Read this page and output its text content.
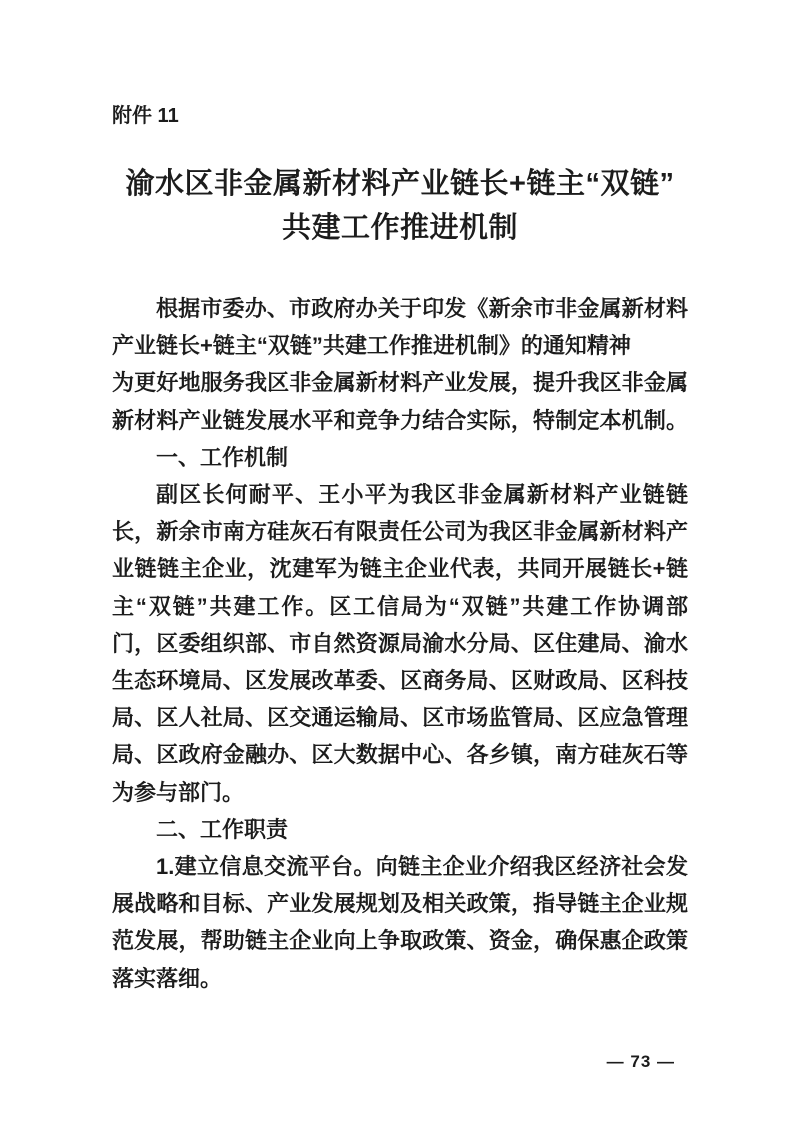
附件 11
渝水区非金属新材料产业链长+链主“双链”
共建工作推进机制
根据市委办、市政府办关于印发《新余市非金属新材料
产业链长+链主“双链”共建工作推进机制》的通知精神
为更好地服务我区非金属新材料产业发展，提升我区非金属
新材料产业链发展水平和竞争力结合实际，特制定本机制。
一、工作机制
副区长何耐平、王小平为我区非金属新材料产业链链
长，新余市南方硅灰石有限责任公司为我区非金属新材料产
业链链主企业，沈建军为链主企业代表，共同开展链长+链
主“双链”共建工作。区工信局为“双链”共建工作协调部
门，区委组织部、市自然资源局渝水分局、区住建局、渝水
生态环境局、区发展改革委、区商务局、区财政局、区科技
局、区人社局、区交通运输局、区市场监管局、区应急管理
局、区政府金融办、区大数据中心、各乡镇，南方硅灰石等
为参与部门。
二、工作职责
1.建立信息交流平台。向链主企业介绍我区经济社会发
展战略和目标、产业发展规划及相关政策，指导链主企业规
范发展，帮助链主企业向上争取政策、资金，确保惠企政策
落实落细。
— 73 —
